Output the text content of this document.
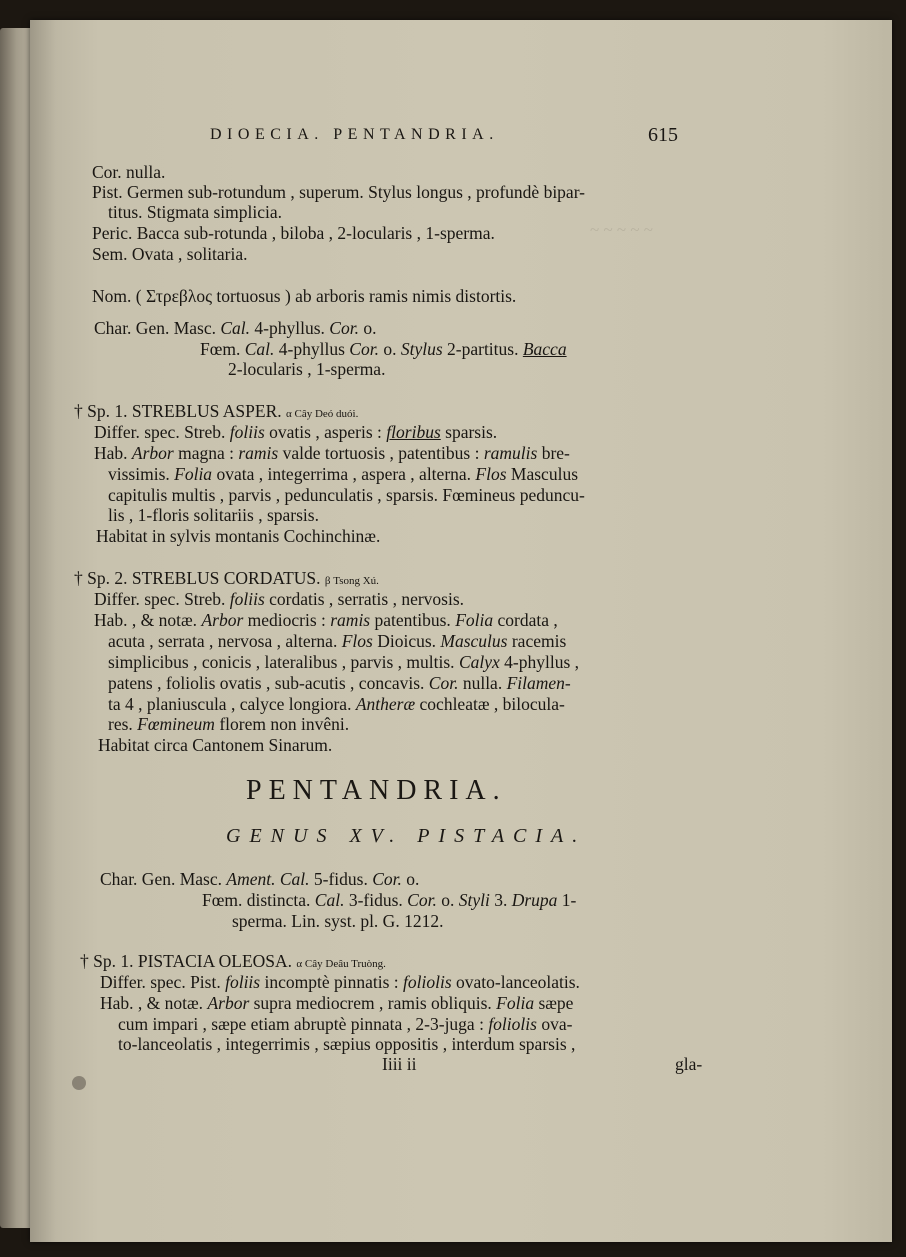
~ ~ ~ ~ ~
DIOECIA. PENTANDRIA.	615
Cor. nulla.
Pist. Germen sub-rotundum , superum. Stylus longus , profundè bipar-
titus. Stigmata simplicia.
Peric. Bacca sub-rotunda , biloba , 2-locularis , 1-sperma.
Sem. Ovata , solitaria.
Nom. ( Στρεβλος tortuosus ) ab arboris ramis nimis distortis.
Char. Gen. Masc. Cal. 4-phyllus. Cor. o.
Fœm. Cal. 4-phyllus Cor. o. Stylus 2-partitus. Bacca
2-locularis , 1-sperma.
† Sp. 1. STREBLUS ASPER. α Cây Deó duói.
Differ. spec. Streb. foliis ovatis , asperis : floribus sparsis.
Hab. Arbor magna : ramis valde tortuosis , patentibus : ramulis bre-
vissimis. Folia ovata , integerrima , aspera , alterna. Flos Masculus
capitulis multis , parvis , pedunculatis , sparsis. Fœmineus peduncu-
lis , 1-floris solitariis , sparsis.
Habitat in sylvis montanis Cochinchinæ.
† Sp. 2. STREBLUS CORDATUS. β Tsong Xú.
Differ. spec. Streb. foliis cordatis , serratis , nervosis.
Hab. , & notæ. Arbor mediocris : ramis patentibus. Folia cordata ,
acuta , serrata , nervosa , alterna. Flos Dioicus. Masculus racemis
simplicibus , conicis , lateralibus , parvis , multis. Calyx 4-phyllus ,
patens , foliolis ovatis , sub-acutis , concavis. Cor. nulla. Filamen-
ta 4 , planiuscula , calyce longiora. Antheræ cochleatæ , bilocula-
res. Fœmineum florem non invêni.
Habitat circa Cantonem Sinarum.
PENTANDRIA.
GENUS XV. PISTACIA.
Char. Gen. Masc. Ament. Cal. 5-fidus. Cor. o.
Fœm. distincta. Cal. 3-fidus. Cor. o. Styli 3. Drupa 1-
sperma. Lin. syst. pl. G. 1212.
† Sp. 1. PISTACIA OLEOSA. α Cây Deâu Truòng.
Differ. spec. Pist. foliis incomptè pinnatis : foliolis ovato-lanceolatis.
Hab. , & notæ. Arbor supra mediocrem , ramis obliquis. Folia sæpe
cum impari , sæpe etiam abruptè pinnata , 2-3-juga : foliolis ova-
to-lanceolatis , integerrimis , sæpius oppositis , interdum sparsis ,
Iiii ii	gla-
